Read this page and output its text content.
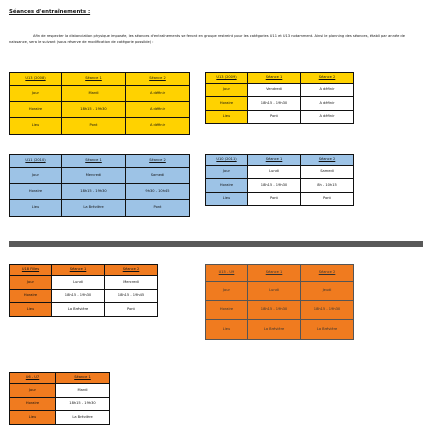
Séances d'entraînements :
Afin de respecter la distanciation physique imposée, les séances d'entraînements se feront en groupe restreint pour les catégories U11 et U13 notamment. Ainsi le planning des séances, établi par année de naissance, sera le suivant (sous réserve de modification de catégorie possible) :
U13 (2008)	Séance 1	Séance 2
Jour	Mardi	A définir
Horaire	18h15 - 19h30	A définir
Lieu	Pont	A définir
U13 (2009)	Séance 1	Séance 2
Jour	Vendredi	A définir
Horaire	18h15 - 19h30	A définir
Lieu	Pont	A définir
U11 (2010)	Séance 1	Séance 2
Jour	Mercredi	Samedi
Horaire	18h15 - 19h30	9h30 - 10h45
Lieu	La Brévière	Pont
U10 (2011)	Séance 1	Séance 2
Jour	Lundi	Samedi
Horaire	18h15 - 19h30	8h - 10h15
Lieu	Pont	Pont
U18 Filles	Séance 1	Séance 2
Jour	Lundi	Mercredi
Horaire	18h15 - 19h30	18h15 - 19h45
Lieu	La Brévière	Pont
U15 - U9	Séance 1	Séance 2
Jour	Lundi	Jeudi
Horaire	18h15 - 19h30	18h15 - 19h30
Lieu	La Brévière	La Brévière
U6 - U7	Séance 1
Jour	Mardi
Horaire	18h15 - 19h30
Lieu	La Brévière
